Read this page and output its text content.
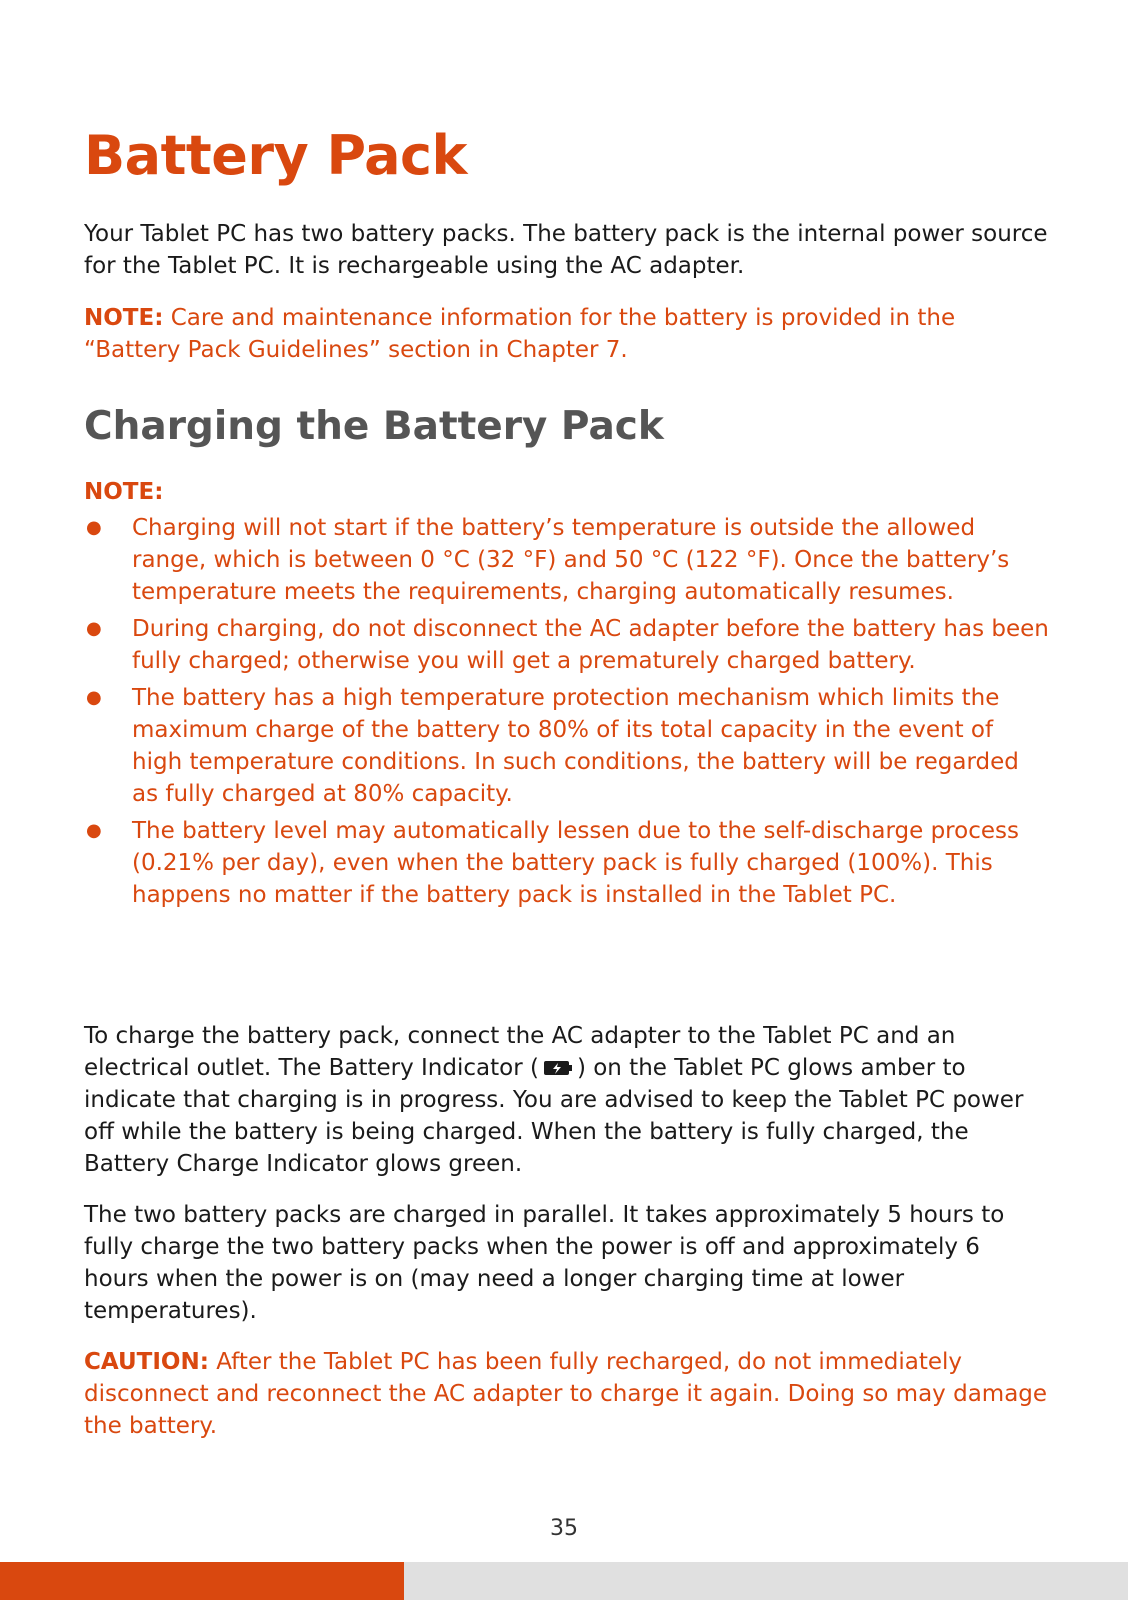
Battery Pack

Your Tablet PC has two battery packs. The battery pack is the internal power source for the Tablet PC. It is rechargeable using the AC adapter.

NOTE: Care and maintenance information for the battery is provided in the “Battery Pack Guidelines” section in Chapter 7.

Charging the Battery Pack

NOTE:

● Charging will not start if the battery’s temperature is outside the allowed range, which is between 0 °C (32 °F) and 50 °C (122 °F). Once the battery’s temperature meets the requirements, charging automatically resumes.
● During charging, do not disconnect the AC adapter before the battery has been fully charged; otherwise you will get a prematurely charged battery.
● The battery has a high temperature protection mechanism which limits the maximum charge of the battery to 80% of its total capacity in the event of high temperature conditions. In such conditions, the battery will be regarded as fully charged at 80% capacity.
● The battery level may automatically lessen due to the self-discharge process (0.21% per day), even when the battery pack is fully charged (100%). This happens no matter if the battery pack is installed in the Tablet PC.

To charge the battery pack, connect the AC adapter to the Tablet PC and an electrical outlet. The Battery Indicator ( ) on the Tablet PC glows amber to indicate that charging is in progress. You are advised to keep the Tablet PC power off while the battery is being charged. When the battery is fully charged, the Battery Charge Indicator glows green.

The two battery packs are charged in parallel. It takes approximately 5 hours to fully charge the two battery packs when the power is off and approximately 6 hours when the power is on (may need a longer charging time at lower temperatures).

CAUTION: After the Tablet PC has been fully recharged, do not immediately disconnect and reconnect the AC adapter to charge it again. Doing so may damage the battery.

35
